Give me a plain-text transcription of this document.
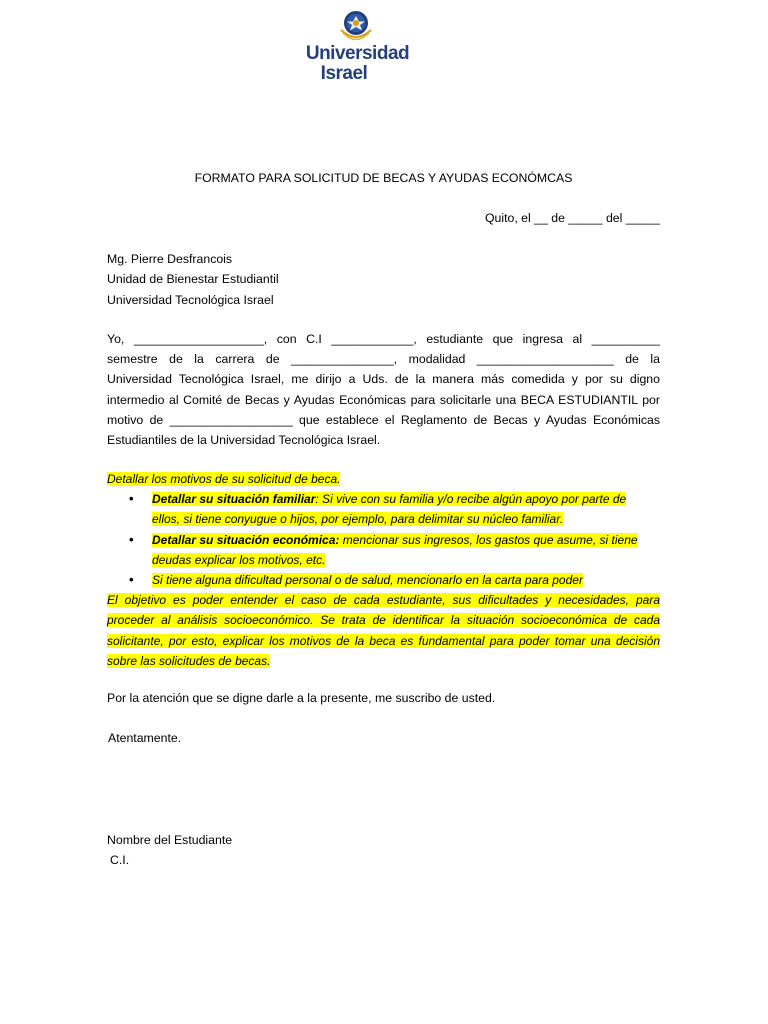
Universidad
Israel
FORMATO PARA SOLICITUD DE BECAS Y AYUDAS ECONÓMCAS
Quito, el __ de _____ del _____
Mg. Pierre Desfrancois
Unidad de Bienestar Estudiantil
Universidad Tecnológica Israel
Yo, ___________________, con C.I ____________, estudiante que ingresa al __________
semestre de la carrera de _______________, modalidad ____________________ de la
Universidad Tecnológica Israel, me dirijo a Uds. de la manera más comedida y por su digno
intermedio al Comité de Becas y Ayudas Económicas para solicitarle una BECA ESTUDIANTIL por
motivo de __________________ que establece el Reglamento de Becas y Ayudas Económicas
Estudiantiles de la Universidad Tecnológica Israel.
Detallar los motivos de su solicitud de beca.
• Detallar su situación familiar: Si vive con su familia y/o recibe algún apoyo por parte de
ellos, si tiene conyugue o hijos, por ejemplo, para delimitar su núcleo familiar.
• Detallar su situación económica: mencionar sus ingresos, los gastos que asume, si tiene
deudas explicar los motivos, etc.
• Si tiene alguna dificultad personal o de salud, mencionarlo en la carta para poder
El objetivo es poder entender el caso de cada estudiante, sus dificultades y necesidades, para
proceder al análisis socioeconómico. Se trata de identificar la situación socioeconómica de cada
solicitante, por esto, explicar los motivos de la beca es fundamental para poder tomar una decisión
sobre las solicitudes de becas.
Por la atención que se digne darle a la presente, me suscribo de usted.
Atentamente.
Nombre del Estudiante
C.I.
